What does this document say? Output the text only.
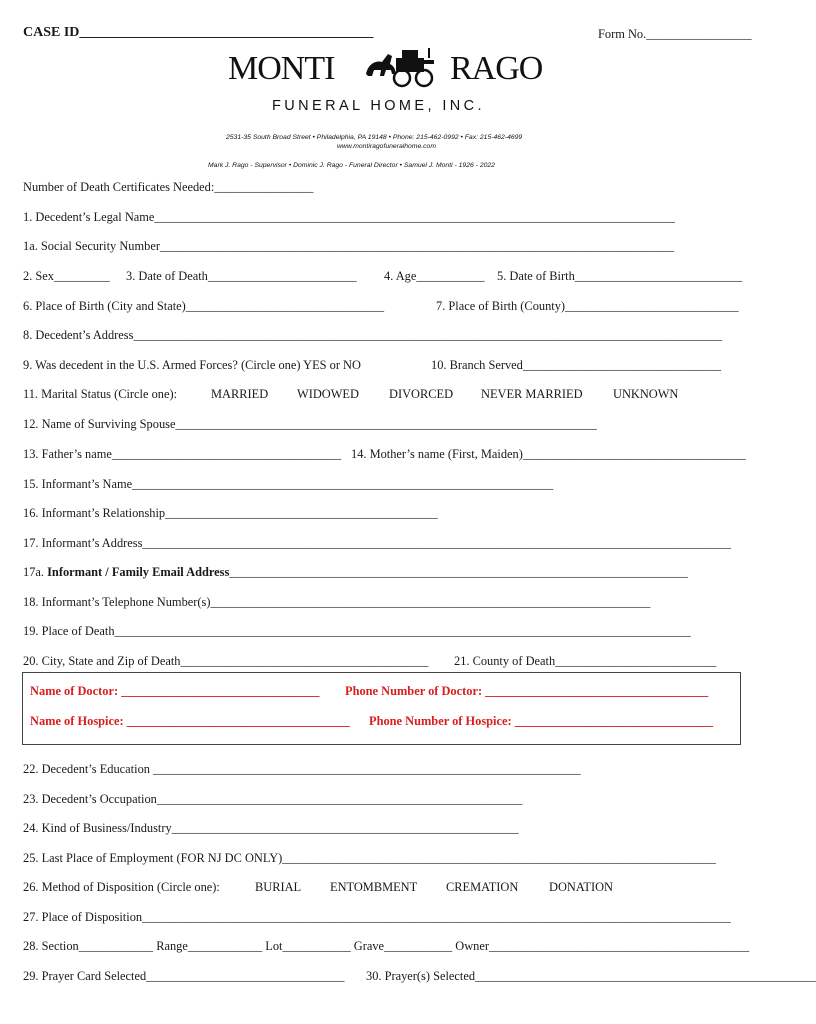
CASE ID__________________________________________	Form No._________________
MONTI	RAGO
FUNERAL HOME, INC.
2531-35 South Broad Street • Philadelphia, PA 19148 • Phone: 215-462-0992 • Fax: 215-462-4699
www.montiragofuneralhome.com
Mark J. Rago - Supervisor • Dominic J. Rago - Funeral Director • Samuel J. Monti - 1926 - 2022
Number of Death Certificates Needed:________________
1. Decedent’s Legal Name____________________________________________________________________________________
1a. Social Security Number___________________________________________________________________________________
2. Sex_________ 3. Date of Death________________________ 4. Age___________ 5. Date of Birth___________________________
6. Place of Birth (City and State)________________________________	7. Place of Birth (County)____________________________
8. Decedent’s Address_______________________________________________________________________________________________
9. Was decedent in the U.S. Armed Forces? (Circle one) YES or NO	10. Branch Served________________________________
11. Marital Status (Circle one):	MARRIED WIDOWED DIVORCED NEVER MARRIED UNKNOWN
12. Name of Surviving Spouse____________________________________________________________________
13. Father’s name_____________________________________ 14. Mother’s name (First, Maiden)____________________________________
15. Informant’s Name____________________________________________________________________
16. Informant’s Relationship____________________________________________
17. Informant’s Address_______________________________________________________________________________________________
17a. Informant / Family Email Address__________________________________________________________________________
18. Informant’s Telephone Number(s)_______________________________________________________________________
19. Place of Death_____________________________________________________________________________________________
20. City, State and Zip of Death________________________________________ 21. County of Death__________________________
Name of Doctor: ________________________________ Phone Number of Doctor: ____________________________________
Name of Hospice: ____________________________________ Phone Number of Hospice: ________________________________
22. Decedent’s Education _____________________________________________________________________
23. Decedent’s Occupation___________________________________________________________
24. Kind of Business/Industry________________________________________________________
25. Last Place of Employment (FOR NJ DC ONLY)______________________________________________________________________
26. Method of Disposition (Circle one):	BURIAL ENTOMBMENT CREMATION DONATION
27. Place of Disposition_______________________________________________________________________________________________
28. Section____________ Range____________ Lot___________ Grave___________ Owner__________________________________________
29. Prayer Card Selected________________________________ 30. Prayer(s) Selected_______________________________________________________
